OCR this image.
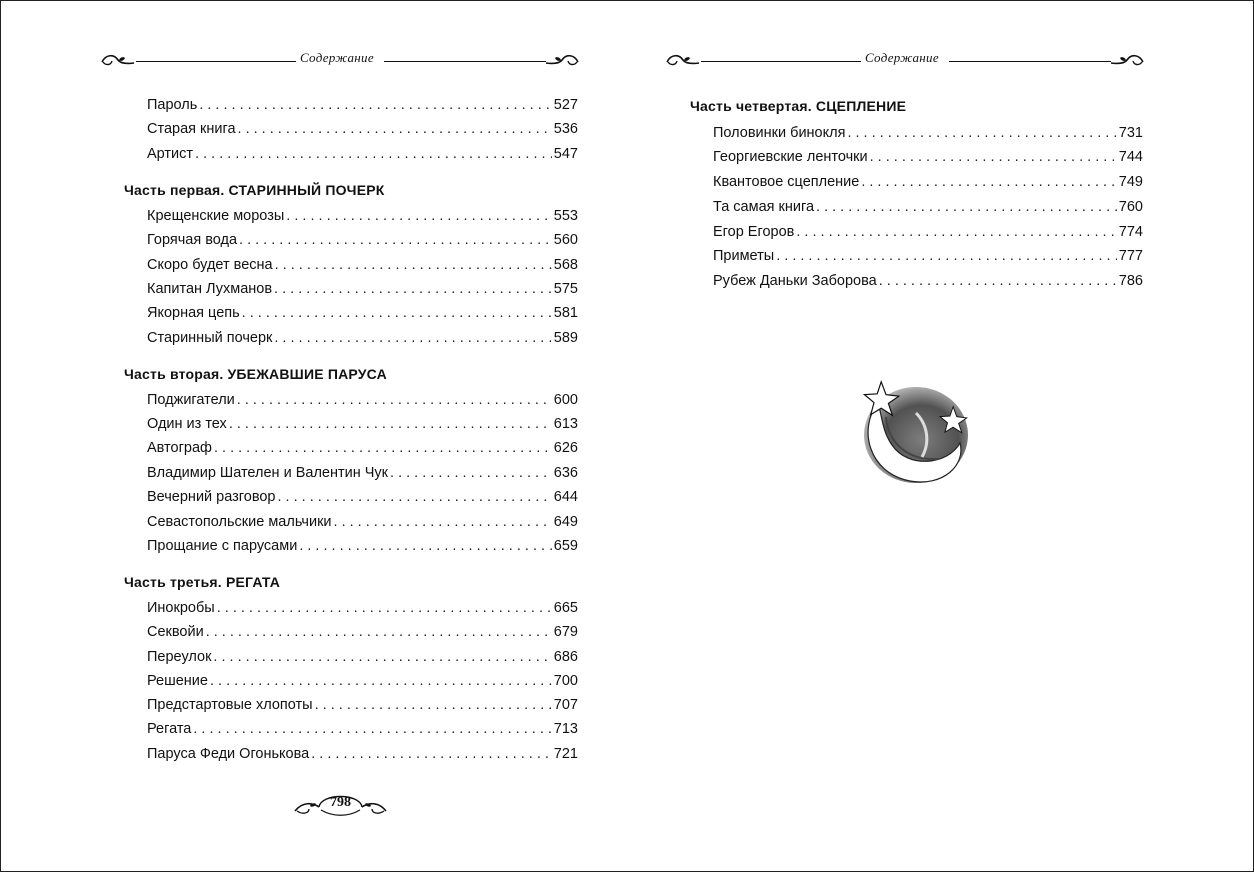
Содержание	Содержание
Пароль . . .	527
Старая книга . . .	536
Артист . . .	547
Часть первая. СТАРИННЫЙ ПОЧЕРК
Крещенские морозы . . .	553
Горячая вода . . .	560
Скоро будет весна . . .	568
Капитан Лухманов . . .	575
Якорная цепь . . .	581
Старинный почерк . . .	589
Часть вторая. УБЕЖАВШИЕ ПАРУСА
Поджигатели . . .	600
Один из тех . . .	613
Автограф . . .	626
Владимир Шателен и Валентин Чук . . .	636
Вечерний разговор . . .	644
Севастопольские мальчики . . .	649
Прощание с парусами . . .	659
Часть третья. РЕГАТА
Инокробы . . .	665
Секвойи . . .	679
Переулок . . .	686
Решение . . .	700
Предстартовые хлопоты . . .	707
Регата . . .	713
Паруса Феди Огонькова . . .	721
798
Часть четвертая. СЦЕПЛЕНИЕ
Половинки бинокля . . .	731
Георгиевские ленточки . . .	744
Квантовое сцепление . . .	749
Та самая книга . . .	760
Егор Егоров . . .	774
Приметы . . .	777
Рубеж Даньки Заборова . . .	786
